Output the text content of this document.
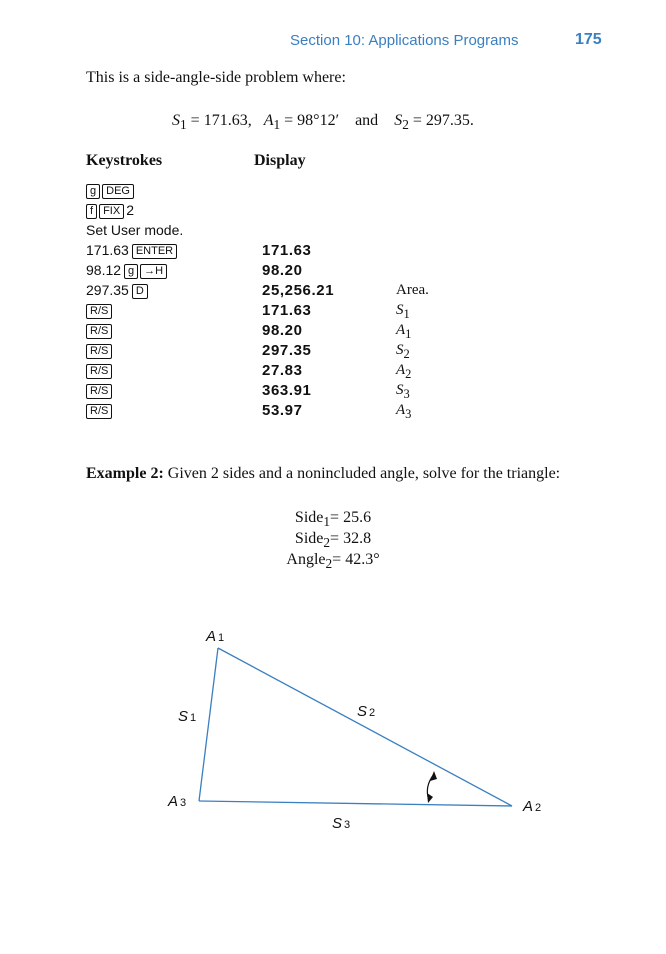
Section 10: Applications Programs	175
This is a side-angle-side problem where:
$S_1 = 171.63$, $A_1 = 98^\circ 12'$ and $S_2 = 297.35$.
Keystrokes	Display
g DEG
f FIX 2
Set User mode.
171.63 ENTER	171.63
98.12 g →H	98.20
297.35 D	25,256.21	Area.
R/S	171.63	$S_1$
R/S	98.20	$A_1$
R/S	297.35	$S_2$
R/S	27.83	$A_2$
R/S	363.91	$S_3$
R/S	53.97	$A_3$
Example 2: Given 2 sides and a nonincluded angle, solve for the triangle:
Side$_1$= 25.6
Side$_2$= 32.8
Angle$_2$= 42.3°
A 1
S 1	S 2
A 3	A 2
S 3
